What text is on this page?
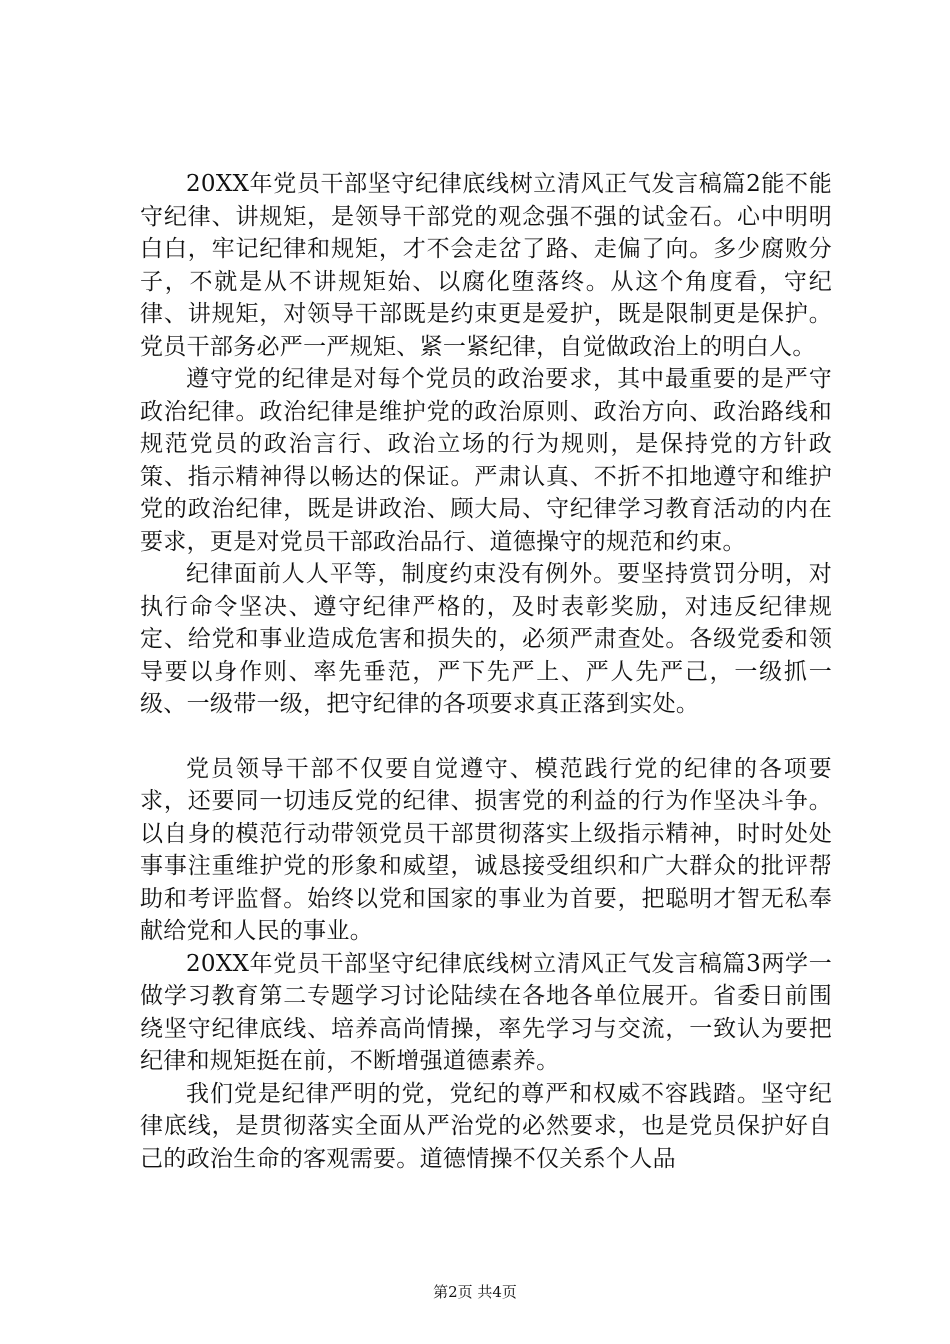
20XX年党员干部坚守纪律底线树立清风正气发言稿篇2能不能守纪律、讲规矩，是领导干部党的观念强不强的试金石。心中明明白白，牢记纪律和规矩，才不会走岔了路、走偏了向。多少腐败分子，不就是从不讲规矩始、以腐化堕落终。从这个角度看，守纪律、讲规矩，对领导干部既是约束更是爱护，既是限制更是保护。党员干部务必严一严规矩、紧一紧纪律，自觉做政治上的明白人。

遵守党的纪律是对每个党员的政治要求，其中最重要的是严守政治纪律。政治纪律是维护党的政治原则、政治方向、政治路线和规范党员的政治言行、政治立场的行为规则，是保持党的方针政策、指示精神得以畅达的保证。严肃认真、不折不扣地遵守和维护党的政治纪律，既是讲政治、顾大局、守纪律学习教育活动的内在要求，更是对党员干部政治品行、道德操守的规范和约束。

纪律面前人人平等，制度约束没有例外。要坚持赏罚分明，对执行命令坚决、遵守纪律严格的，及时表彰奖励，对违反纪律规定、给党和事业造成危害和损失的，必须严肃查处。各级党委和领导要以身作则、率先垂范，严下先严上、严人先严己，一级抓一级、一级带一级，把守纪律的各项要求真正落到实处。

党员领导干部不仅要自觉遵守、模范践行党的纪律的各项要求，还要同一切违反党的纪律、损害党的利益的行为作坚决斗争。以自身的模范行动带领党员干部贯彻落实上级指示精神，时时处处事事注重维护党的形象和威望，诚恳接受组织和广大群众的批评帮助和考评监督。始终以党和国家的事业为首要，把聪明才智无私奉献给党和人民的事业。

20XX年党员干部坚守纪律底线树立清风正气发言稿篇3两学一做学习教育第二专题学习讨论陆续在各地各单位展开。省委日前围绕坚守纪律底线、培养高尚情操，率先学习与交流，一致认为要把纪律和规矩挺在前，不断增强道德素养。

我们党是纪律严明的党，党纪的尊严和权威不容践踏。坚守纪律底线，是贯彻落实全面从严治党的必然要求，也是党员保护好自己的政治生命的客观需要。道德情操不仅关系个人品

第2页 共4页
